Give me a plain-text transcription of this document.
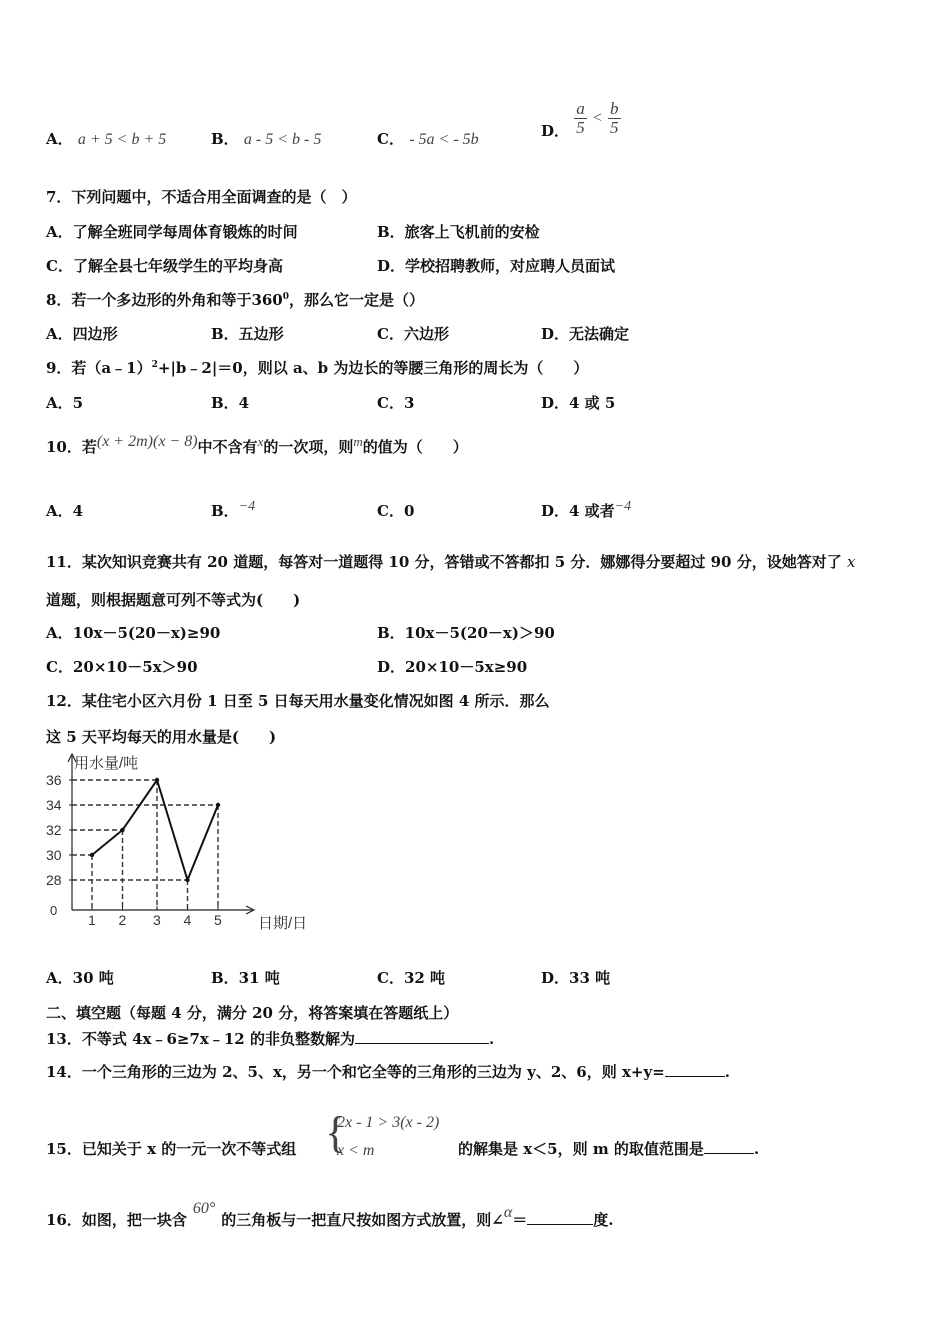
A． a + 5 < b + 5	B． a - 5 < b - 5	C． - 5a < - 5b	D． $\frac{a}{5} < \frac{b}{5}$
7．下列问题中，不适合用全面调查的是（　）
A．了解全班同学每周体育锻炼的时间	B．旅客上飞机前的安检
C．了解全县七年级学生的平均身高	D．学校招聘教师，对应聘人员面试
8．若一个多边形的外角和等于$360^0$，那么它一定是（）
A．四边形	B．五边形	C．六边形	D．无法确定
9．若（a﹣1）$^2$+|b﹣2|＝0，则以 a、b 为边长的等腰三角形的周长为（　　）
A．5	B．4	C．3	D．4 或 5
10．若(x + 2m)(x − 8)中不含有x的一次项，则m的值为（　　）
A．4	B．−4	C．0	D．4 或者−4
11．某次知识竞赛共有 20 道题，每答对一道题得 10 分，答错或不答都扣 5 分．娜娜得分要超过 90 分，设她答对了 x
道题，则根据题意可列不等式为(　　)
A．10x－5(20－x)≥90	B．10x－5(20－x)＞90
C．20×10－5x＞90	D．20×10－5x≥90
12．某住宅小区六月份 1 日至 5 日每天用水量变化情况如图 4 所示．那么
这 5 天平均每天的用水量是(　　)
用水量/吨
日期/日
0
36
34
32
30
28
1 2 3 4 5
A．30 吨	B．31 吨	C．32 吨	D．33 吨
二、填空题（每题 4 分，满分 20 分，将答案填在答题纸上）
13．不等式 4x﹣6≥7x﹣12 的非负整数解为	.
14．一个三角形的三边为 2、5、x，另一个和它全等的三角形的三边为 y、2、6，则 x+y=	.
15．已知关于 x 的一元一次不等式组 {
2x - 1 > 3(x - 2)
x < m	的解集是 x＜5，则 m 的取值范围是	.
16．如图，把一块含60°的三角板与一把直尺按如图方式放置，则∠α＝	度.
